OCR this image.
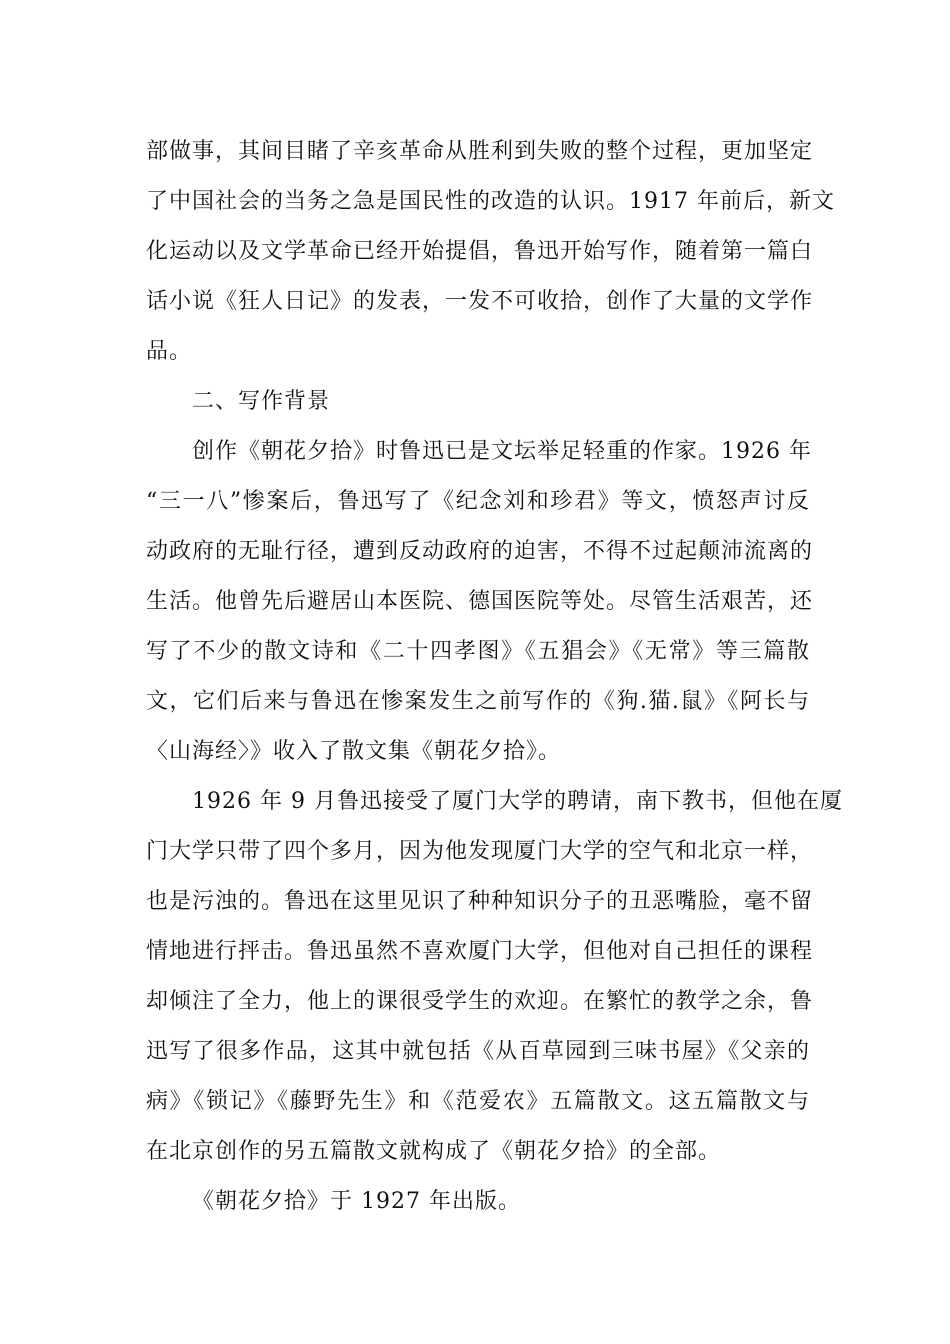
部做事，其间目睹了辛亥革命从胜利到失败的整个过程，更加坚定
了中国社会的当务之急是国民性的改造的认识。1917 年前后，新文
化运动以及文学革命已经开始提倡，鲁迅开始写作，随着第一篇白
话小说《狂人日记》的发表，一发不可收拾，创作了大量的文学作
品。
二、写作背景
创作《朝花夕拾》时鲁迅已是文坛举足轻重的作家。1926 年
“三一八”惨案后，鲁迅写了《纪念刘和珍君》等文，愤怒声讨反
动政府的无耻行径，遭到反动政府的迫害，不得不过起颠沛流离的
生活。他曾先后避居山本医院、德国医院等处。尽管生活艰苦，还
写了不少的散文诗和《二十四孝图》《五猖会》《无常》等三篇散
文，它们后来与鲁迅在惨案发生之前写作的《狗.猫.鼠》《阿长与
〈山海经〉》收入了散文集《朝花夕拾》。
1926 年 9 月鲁迅接受了厦门大学的聘请，南下教书，但他在厦
门大学只带了四个多月，因为他发现厦门大学的空气和北京一样，
也是污浊的。鲁迅在这里见识了种种知识分子的丑恶嘴脸，毫不留
情地进行抨击。鲁迅虽然不喜欢厦门大学，但他对自己担任的课程
却倾注了全力，他上的课很受学生的欢迎。在繁忙的教学之余，鲁
迅写了很多作品，这其中就包括《从百草园到三味书屋》《父亲的
病》《锁记》《藤野先生》和《范爱农》五篇散文。这五篇散文与
在北京创作的另五篇散文就构成了《朝花夕拾》的全部。
《朝花夕拾》于 1927 年出版。
